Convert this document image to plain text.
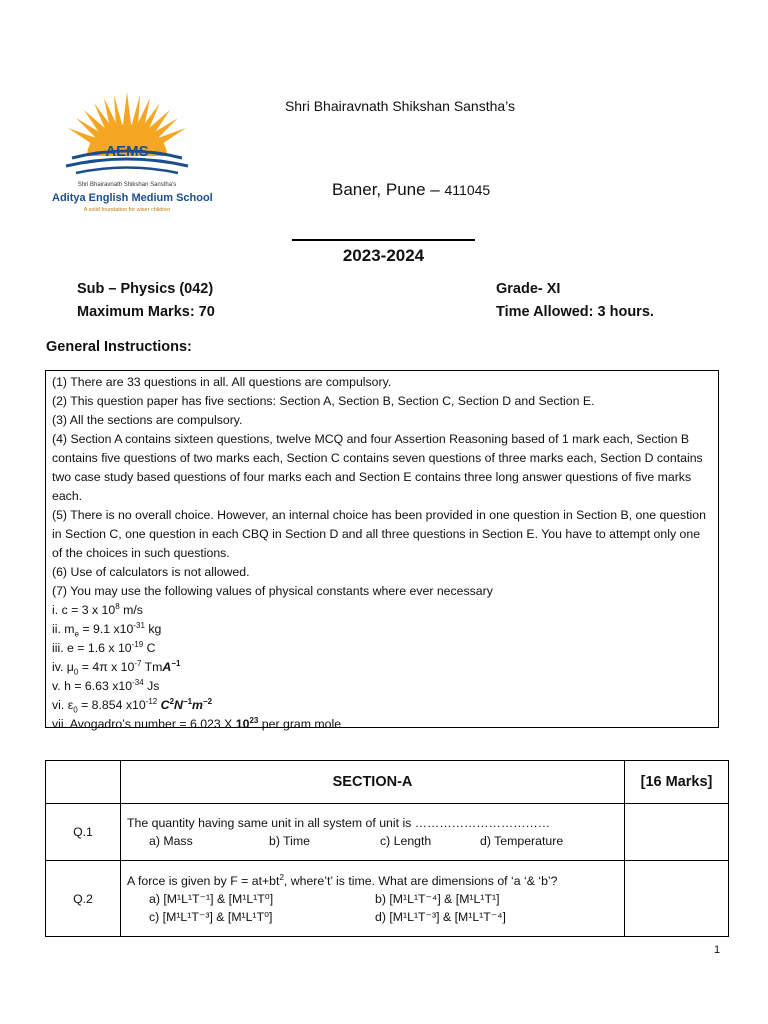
AEMS
Shri Bhairavnath Shikshan Sanstha's
Aditya English Medium School
A solid foundation for wiser children
Shri Bhairavnath Shikshan Sanstha’s
Baner, Pune – 411045
2023-2024
Sub – Physics (042)
Maximum Marks: 70
Grade- XI
Time Allowed: 3 hours.
General Instructions:

(1) There are 33 questions in all. All questions are compulsory.

(2) This question paper has five sections: Section A, Section B, Section C, Section D and Section E.

(3) All the sections are compulsory.

(4) Section A contains sixteen questions, twelve MCQ and four Assertion Reasoning based of 1 mark each, Section B contains five questions of two marks each, Section C contains seven questions of three marks each, Section D contains two case study based questions of four marks each and Section E contains three long answer questions of five marks each.

(5) There is no overall choice. However, an internal choice has been provided in one question in Section B, one question in Section C, one question in each CBQ in Section D and all three questions in Section E. You have to attempt only one of the choices in such questions.

(6) Use of calculators is not allowed.

(7) You may use the following values of physical constants where ever necessary

i. c = 3 x $10^8$ m/s

ii. $m_e = 9.1$ $x10^{-31}$ kg

iii. e = 1.6 x $10^{-19}$ C

iv. $\mu_0 = 4\pi$ x $10^{-7}$ TmA$^{-1}$

v. h = 6.63 $x10^{-34}$ Js

vi. $\varepsilon_0 = 8.854$ $x10^{-12}$ $C^2N^{-1}m^{-2}$

vii. Avogadro’s number = 6.023 X $10^{23}$ per gram mole

	SECTION-A	[16 Marks]
Q.1	The quantity having same unit in all system of unit is ……………………………
a) Mass b) Time c) Length d) Temperature	

Q.2	A force is given by $F = at+bt^2$, where’t’ is time. What are dimensions of ‘a ‘& ‘b’?
a) [M¹L¹T⁻¹] & [M¹L¹T⁰] b) [M¹L¹T⁻⁴] & [M¹L¹T¹]
c) [M¹L¹T⁻³] & [M¹L¹T⁰] d) [M¹L¹T⁻³] & [M¹L¹T⁻⁴]	

1
